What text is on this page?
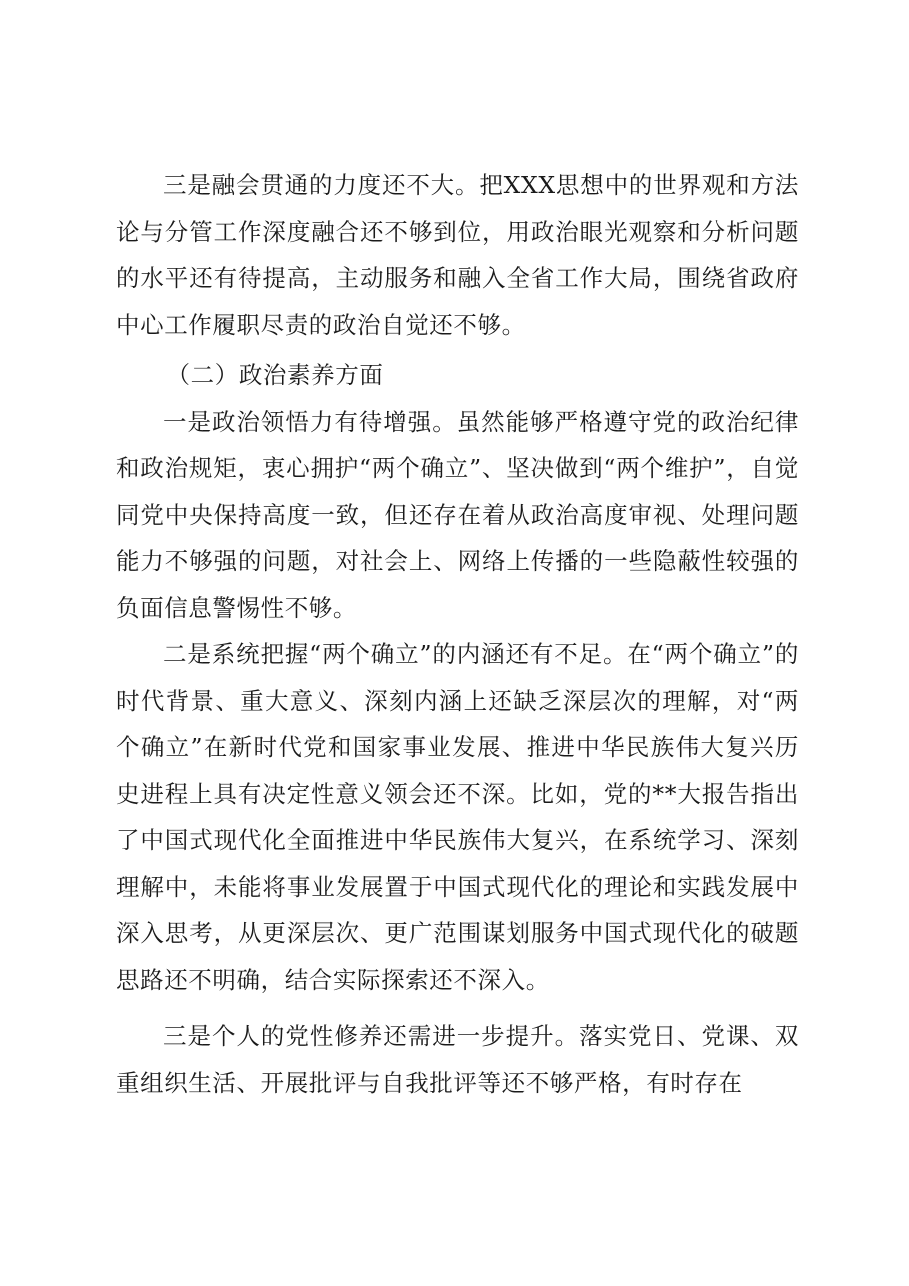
三是融会贯通的力度还不大。把XXX思想中的世界观和方法论与分管工作深度融合还不够到位，用政治眼光观察和分析问题的水平还有待提高，主动服务和融入全省工作大局，围绕省政府中心工作履职尽责的政治自觉还不够。

（二）政治素养方面

一是政治领悟力有待增强。虽然能够严格遵守党的政治纪律和政治规矩，衷心拥护“两个确立”、坚决做到“两个维护”，自觉同党中央保持高度一致，但还存在着从政治高度审视、处理问题能力不够强的问题，对社会上、网络上传播的一些隐蔽性较强的负面信息警惕性不够。

二是系统把握“两个确立”的内涵还有不足。在“两个确立”的时代背景、重大意义、深刻内涵上还缺乏深层次的理解，对“两个确立”在新时代党和国家事业发展、推进中华民族伟大复兴历史进程上具有决定性意义领会还不深。比如，党的**大报告指出了中国式现代化全面推进中华民族伟大复兴，在系统学习、深刻理解中，未能将事业发展置于中国式现代化的理论和实践发展中深入思考，从更深层次、更广范围谋划服务中国式现代化的破题思路还不明确，结合实际探索还不深入。

三是个人的党性修养还需进一步提升。落实党日、党课、双重组织生活、开展批评与自我批评等还不够严格，有时存在
